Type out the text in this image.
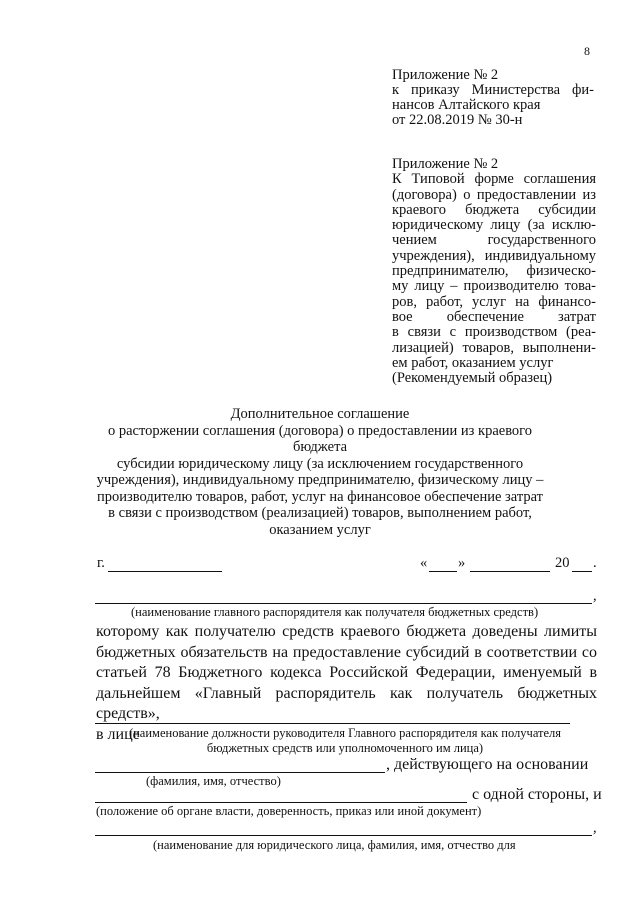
8
Приложение № 2
к приказу Министерства фи-
нансов Алтайского края
от 22.08.2019 № 30-н
Приложение № 2
К Типовой форме соглашения
(договора) о предоставлении из
краевого бюджета субсидии
юридическому лицу (за исклю-
чением государственного
учреждения), индивидуальному
предпринимателю, физическо-
му лицу – производителю това-
ров, работ, услуг на финансо-
вое обеспечение затрат
в связи с производством (реа-
лизацией) товаров, выполнени-
ем работ, оказанием услуг
(Рекомендуемый образец)
Дополнительное соглашение
о расторжении соглашения (договора) о предоставлении из краевого бюджета
субсидии юридическому лицу (за исключением государственного
учреждения), индивидуальному предпринимателю, физическому лицу –
производителю товаров, работ, услуг на финансовое обеспечение затрат
в связи с производством (реализацией) товаров, выполнением работ,
оказанием услуг
г.	« »	20 .
,
(наименование главного распорядителя как получателя бюджетных средств)
которому как получателю средств краевого бюджета доведены лимиты
бюджетных обязательств на предоставление субсидий в соответствии со
статьей 78 Бюджетного кодекса Российской Федерации, именуемый в
дальнейшем «Главный распорядитель как получатель бюджетных средств»,
в лице
(наименование должности руководителя Главного распорядителя как получателя
бюджетных средств или уполномоченного им лица)
, действующего на основании
(фамилия, имя, отчество)
с одной стороны, и
(положение об органе власти, доверенность, приказ или иной документ)
,
(наименование для юридического лица, фамилия, имя, отчество для
